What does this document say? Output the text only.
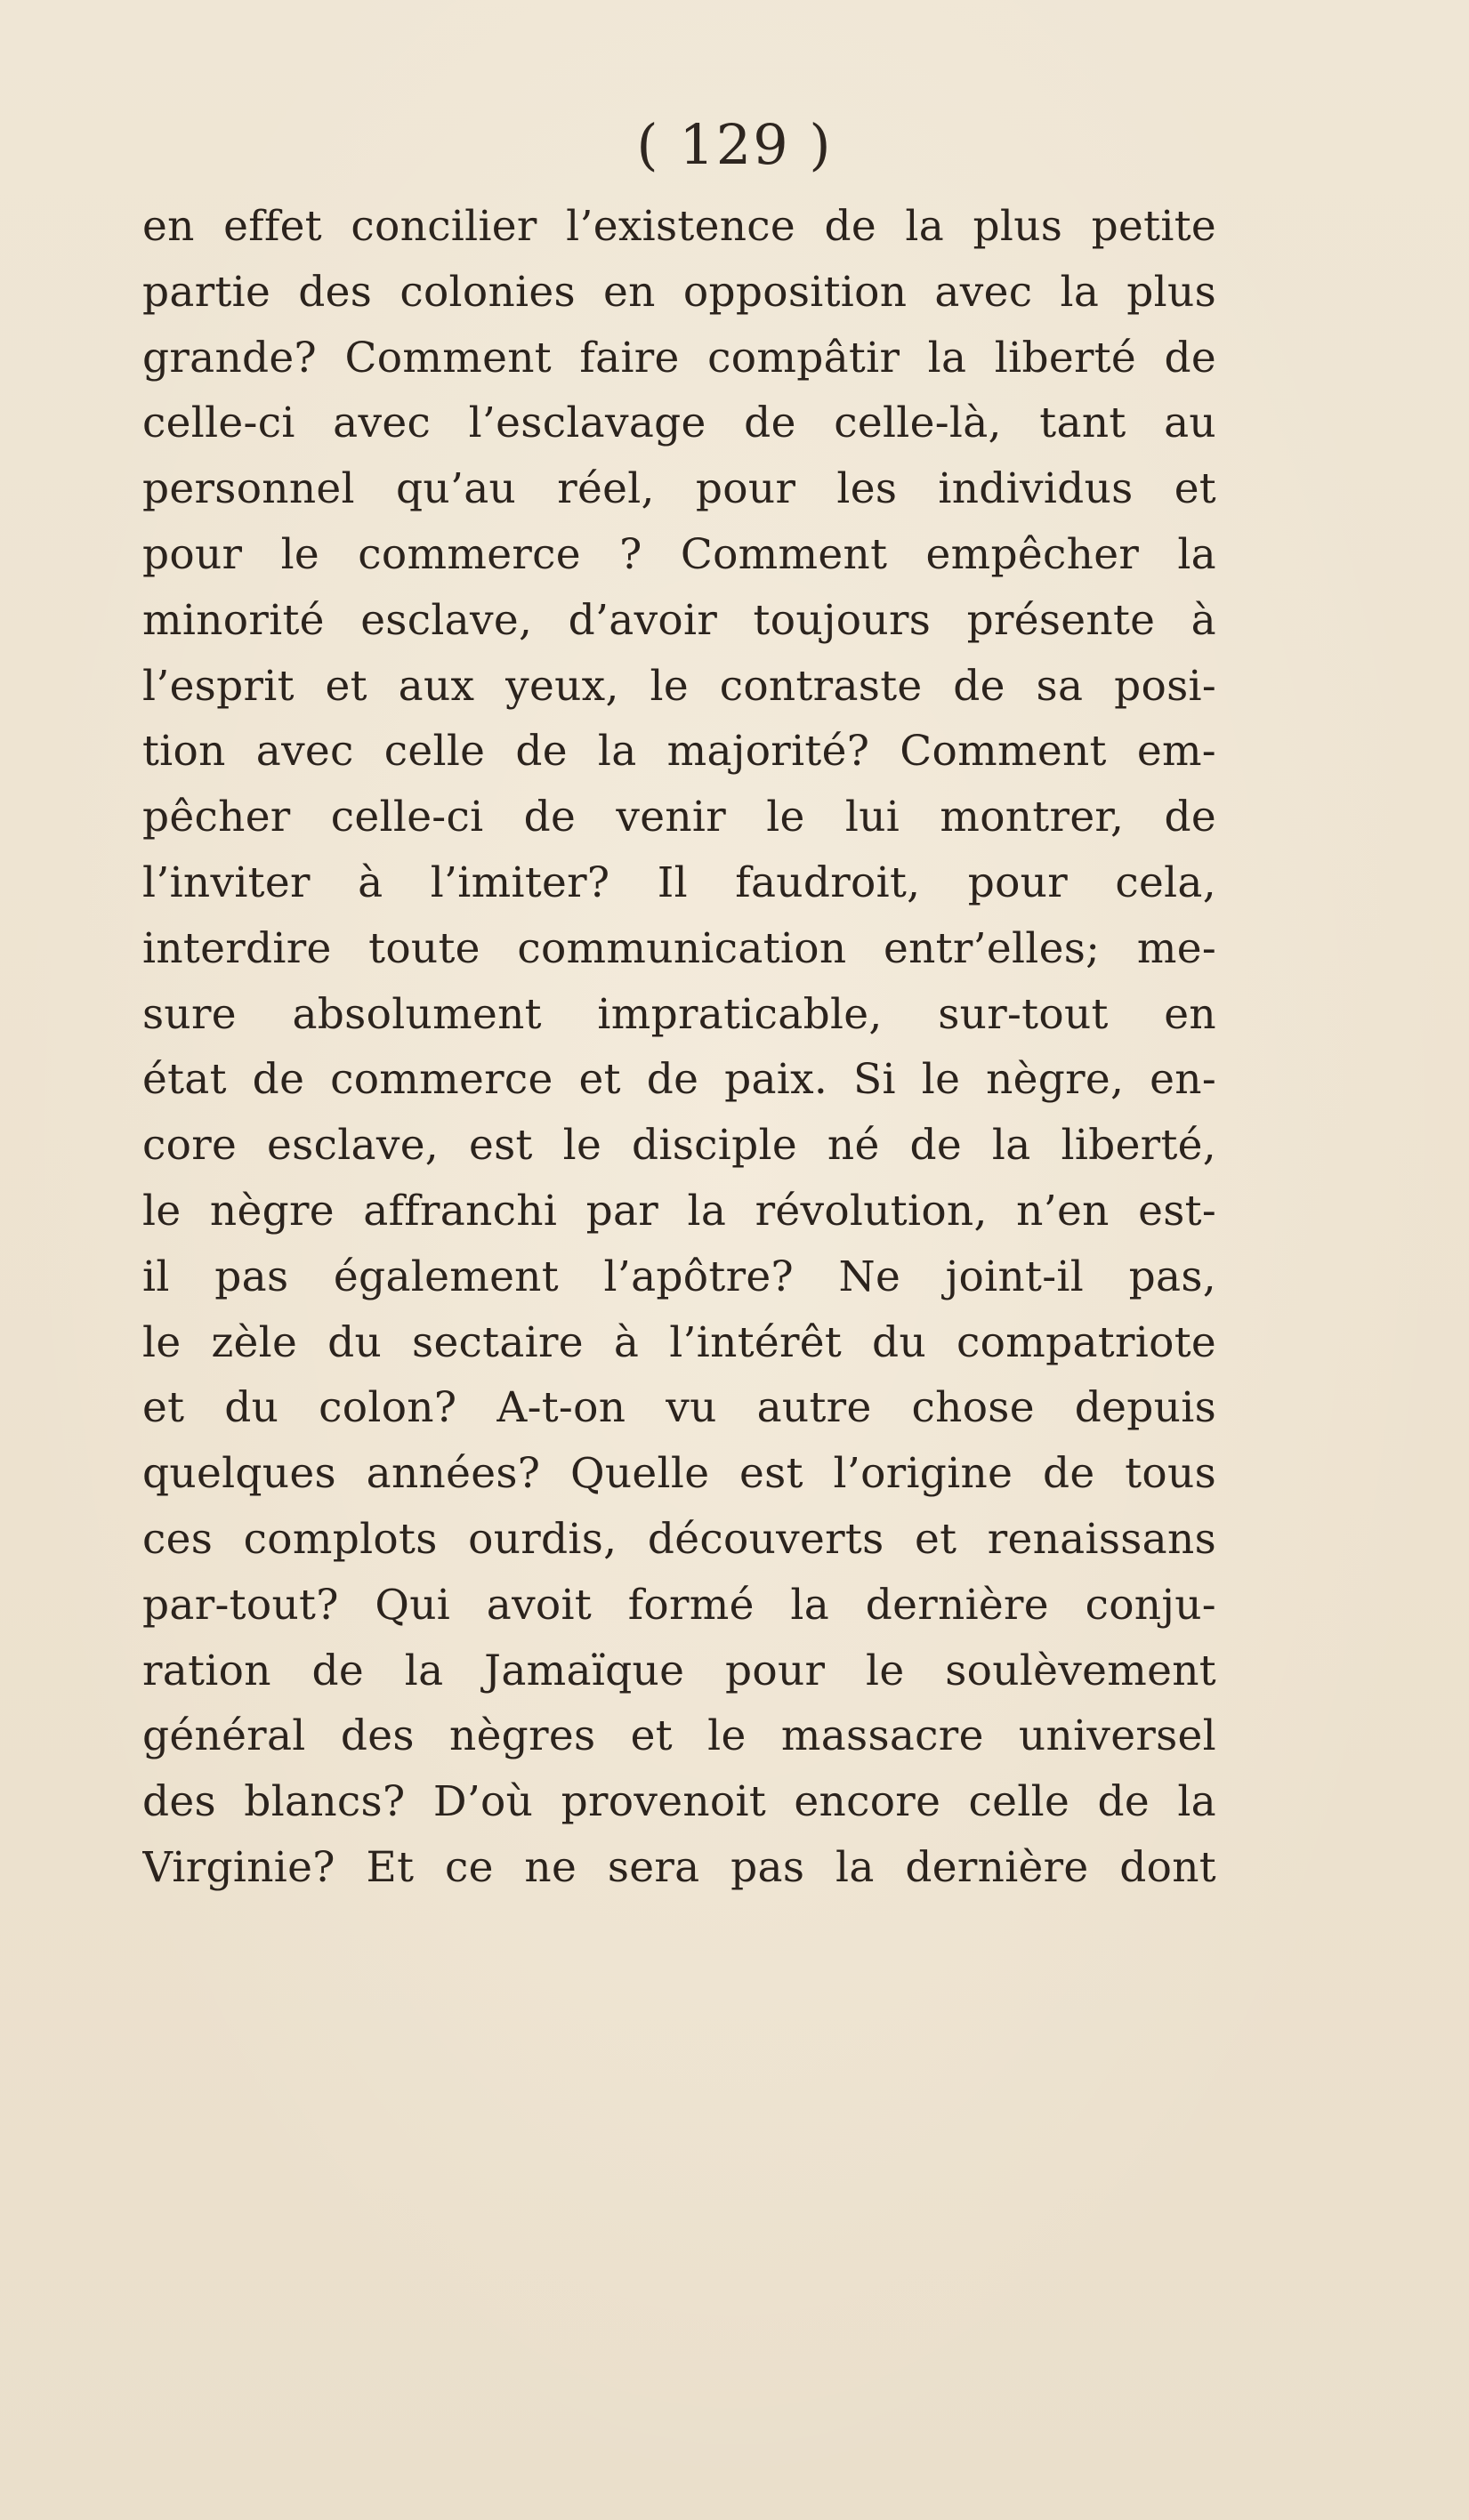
( 129 )
en effet concilier l’existence de la plus petite
partie des colonies en opposition avec la plus
grande? Comment faire compâtir la liberté de
celle-ci avec l’esclavage de celle-là, tant au
personnel qu’au réel, pour les individus et
pour le commerce ? Comment empêcher la
minorité esclave, d’avoir toujours présente à
l’esprit et aux yeux, le contraste de sa posi-
tion avec celle de la majorité? Comment em-
pêcher celle-ci de venir le lui montrer, de
l’inviter à l’imiter? Il faudroit, pour cela,
interdire toute communication entr’elles; me-
sure absolument impraticable, sur-tout en
état de commerce et de paix. Si le nègre, en-
core esclave, est le disciple né de la liberté,
le nègre affranchi par la révolution, n’en est-
il pas également l’apôtre? Ne joint-il pas,
le zèle du sectaire à l’intérêt du compatriote
et du colon? A-t-on vu autre chose depuis
quelques années? Quelle est l’origine de tous
ces complots ourdis, découverts et renaissans
par-tout? Qui avoit formé la dernière conju-
ration de la Jamaïque pour le soulèvement
général des nègres et le massacre universel
des blancs? D’où provenoit encore celle de la
Virginie? Et ce ne sera pas la dernière dont
